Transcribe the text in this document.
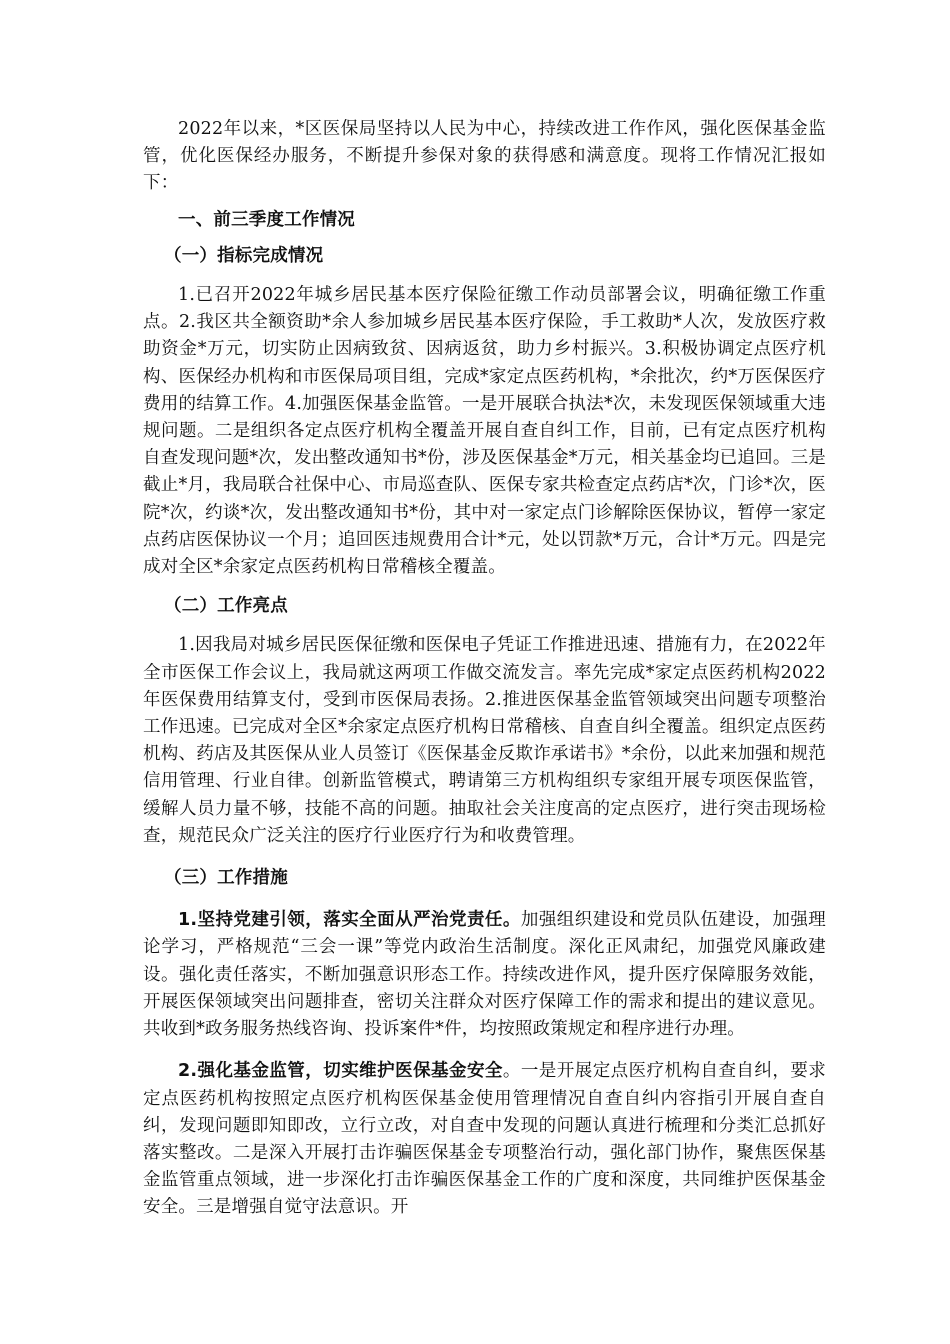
2022年以来，*区医保局坚持以人民为中心，持续改进工作作风，强化医保基金监管，优化医保经办服务，不断提升参保对象的获得感和满意度。现将工作情况汇报如下：

一、前三季度工作情况

（一）指标完成情况

1.已召开2022年城乡居民基本医疗保险征缴工作动员部署会议，明确征缴工作重点。2.我区共全额资助*余人参加城乡居民基本医疗保险，手工救助*人次，发放医疗救助资金*万元，切实防止因病致贫、因病返贫，助力乡村振兴。3.积极协调定点医疗机构、医保经办机构和市医保局项目组，完成*家定点医药机构，*余批次，约*万医保医疗费用的结算工作。4.加强医保基金监管。一是开展联合执法*次，未发现医保领域重大违规问题。二是组织各定点医疗机构全覆盖开展自查自纠工作，目前，已有定点医疗机构自查发现问题*次，发出整改通知书*份，涉及医保基金*万元，相关基金均已追回。三是截止*月，我局联合社保中心、市局巡查队、医保专家共检查定点药店*次，门诊*次，医院*次，约谈*次，发出整改通知书*份，其中对一家定点门诊解除医保协议，暂停一家定点药店医保协议一个月；追回医违规费用合计*元，处以罚款*万元，合计*万元。四是完成对全区*余家定点医药机构日常稽核全覆盖。

（二）工作亮点

1.因我局对城乡居民医保征缴和医保电子凭证工作推进迅速、措施有力，在2022年全市医保工作会议上，我局就这两项工作做交流发言。率先完成*家定点医药机构2022年医保费用结算支付，受到市医保局表扬。2.推进医保基金监管领域突出问题专项整治工作迅速。已完成对全区*余家定点医疗机构日常稽核、自查自纠全覆盖。组织定点医药机构、药店及其医保从业人员签订《医保基金反欺诈承诺书》*余份，以此来加强和规范信用管理、行业自律。创新监管模式，聘请第三方机构组织专家组开展专项医保监管，缓解人员力量不够，技能不高的问题。抽取社会关注度高的定点医疗，进行突击现场检查，规范民众广泛关注的医疗行业医疗行为和收费管理。

（三）工作措施

1.坚持党建引领，落实全面从严治党责任。加强组织建设和党员队伍建设，加强理论学习，严格规范“三会一课”等党内政治生活制度。深化正风肃纪，加强党风廉政建设。强化责任落实，不断加强意识形态工作。持续改进作风，提升医疗保障服务效能，开展医保领域突出问题排查，密切关注群众对医疗保障工作的需求和提出的建议意见。共收到*政务服务热线咨询、投诉案件*件，均按照政策规定和程序进行办理。

2.强化基金监管，切实维护医保基金安全。一是开展定点医疗机构自查自纠，要求定点医药机构按照定点医疗机构医保基金使用管理情况自查自纠内容指引开展自查自纠，发现问题即知即改，立行立改，对自查中发现的问题认真进行梳理和分类汇总抓好落实整改。二是深入开展打击诈骗医保基金专项整治行动，强化部门协作，聚焦医保基金监管重点领域，进一步深化打击诈骗医保基金工作的广度和深度，共同维护医保基金安全。三是增强自觉守法意识。开
